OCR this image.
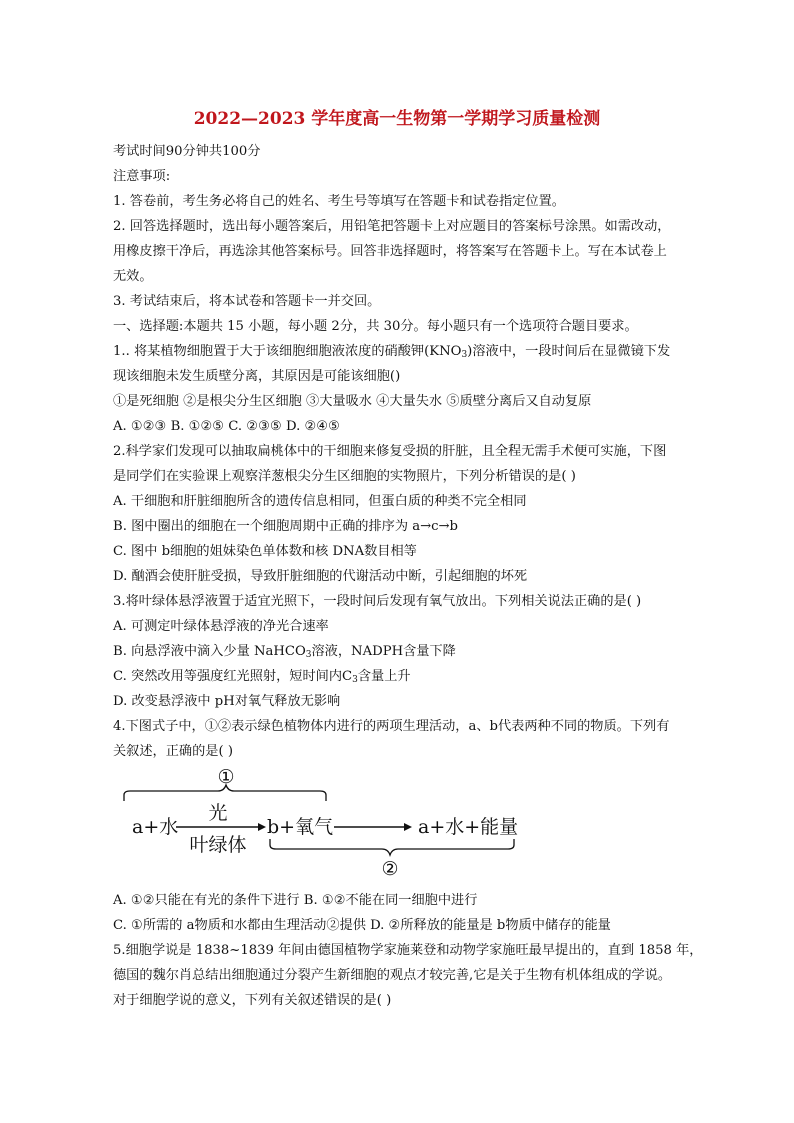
2022—2023 学年度高一生物第一学期学习质量检测
考试时间90分钟共100分
注意事项:
1. 答卷前，考生务必将自己的姓名、考生号等填写在答题卡和试卷指定位置。
2. 回答选择题时，选出每小题答案后，用铅笔把答题卡上对应题目的答案标号涂黑。如需改动，
用橡皮擦干净后，再选涂其他答案标号。回答非选择题时，将答案写在答题卡上。写在本试卷上
无效。
3. 考试结束后，将本试卷和答题卡一并交回。
一、选择题:本题共 15 小题，每小题 2分，共 30分。每小题只有一个选项符合题目要求。
1.. 将某植物细胞置于大于该细胞细胞液浓度的硝酸钾$(KNO_3)$溶液中，一段时间后在显微镜下发
现该细胞未发生质壁分离，其原因是可能该细胞()
①是死细胞 ②是根尖分生区细胞 ③大量吸水 ④大量失水 ⑤质壁分离后又自动复原
A. ①②③ B. ①②⑤ C. ②③⑤ D. ②④⑤
2.科学家们发现可以抽取扁桃体中的干细胞来修复受损的肝脏，且全程无需手术便可实施，下图
是同学们在实验课上观察洋葱根尖分生区细胞的实物照片，下列分析错误的是( )
A. 干细胞和肝脏细胞所含的遗传信息相同，但蛋白质的种类不完全相同
B. 图中圈出的细胞在一个细胞周期中正确的排序为 a→c→b
C. 图中 b细胞的姐妹染色单体数和核 DNA数目相等
D. 酗酒会使肝脏受损，导致肝脏细胞的代谢活动中断，引起细胞的坏死
3.将叶绿体悬浮液置于适宜光照下，一段时间后发现有氧气放出。下列相关说法正确的是( )
A. 可测定叶绿体悬浮液的净光合速率
B. 向悬浮液中滴入少量 NaHCO$_3$溶液，NADPH含量下降
C. 突然改用等强度红光照射，短时间内$C_3$含量上升
D. 改变悬浮液中 pH对氧气释放无影响
4.下图式子中，①②表示绿色植物体内进行的两项生理活动，a、b代表两种不同的物质。下列有
关叙述，正确的是( )
①
a+水
光
叶绿体
b+氧气	a+水+能量
②
A. ①②只能在有光的条件下进行 B. ①②不能在同一细胞中进行
C. ①所需的 a物质和水都由生理活动②提供 D. ②所释放的能量是 b物质中储存的能量
5.细胞学说是 1838~1839 年间由德国植物学家施莱登和动物学家施旺最早提出的，直到 1858 年，
德国的魏尔肖总结出细胞通过分裂产生新细胞的观点才较完善,它是关于生物有机体组成的学说。
对于细胞学说的意义，下列有关叙述错误的是( )
